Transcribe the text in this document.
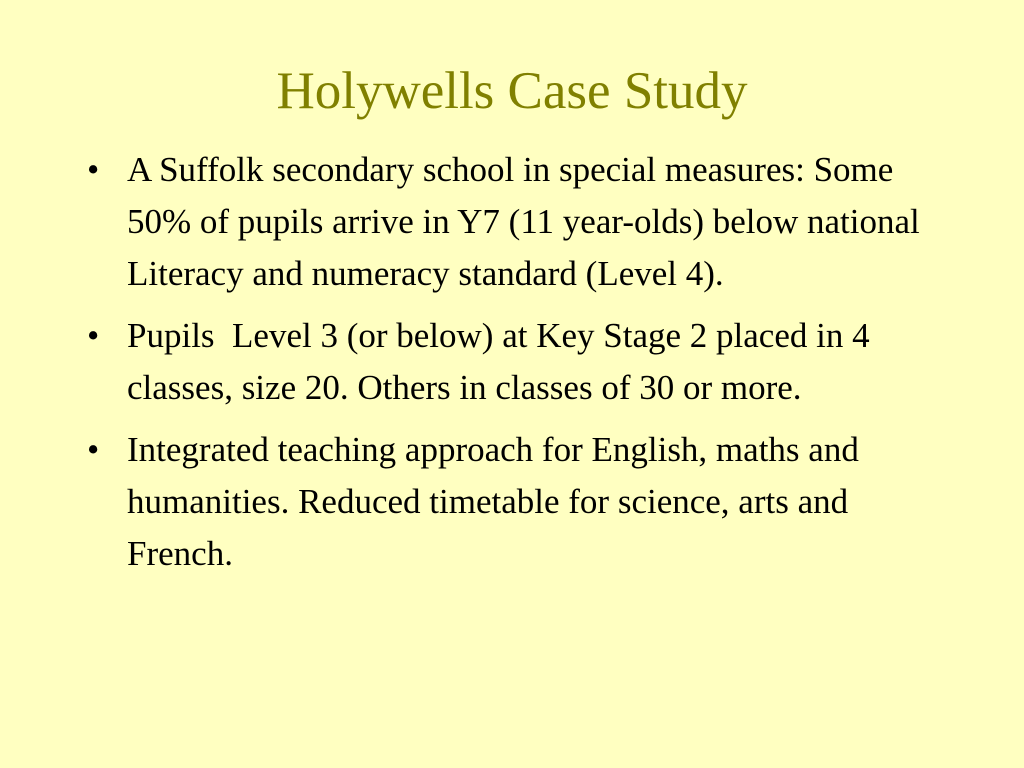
Holywells Case Study
• A Suffolk secondary school in special measures: Some 50% of pupils arrive in Y7 (11 year-olds) below national Literacy and numeracy standard (Level 4).
• Pupils  Level 3 (or below) at Key Stage 2 placed in 4 classes, size 20. Others in classes of 30 or more.
• Integrated teaching approach for English, maths and humanities. Reduced timetable for science, arts and French.
